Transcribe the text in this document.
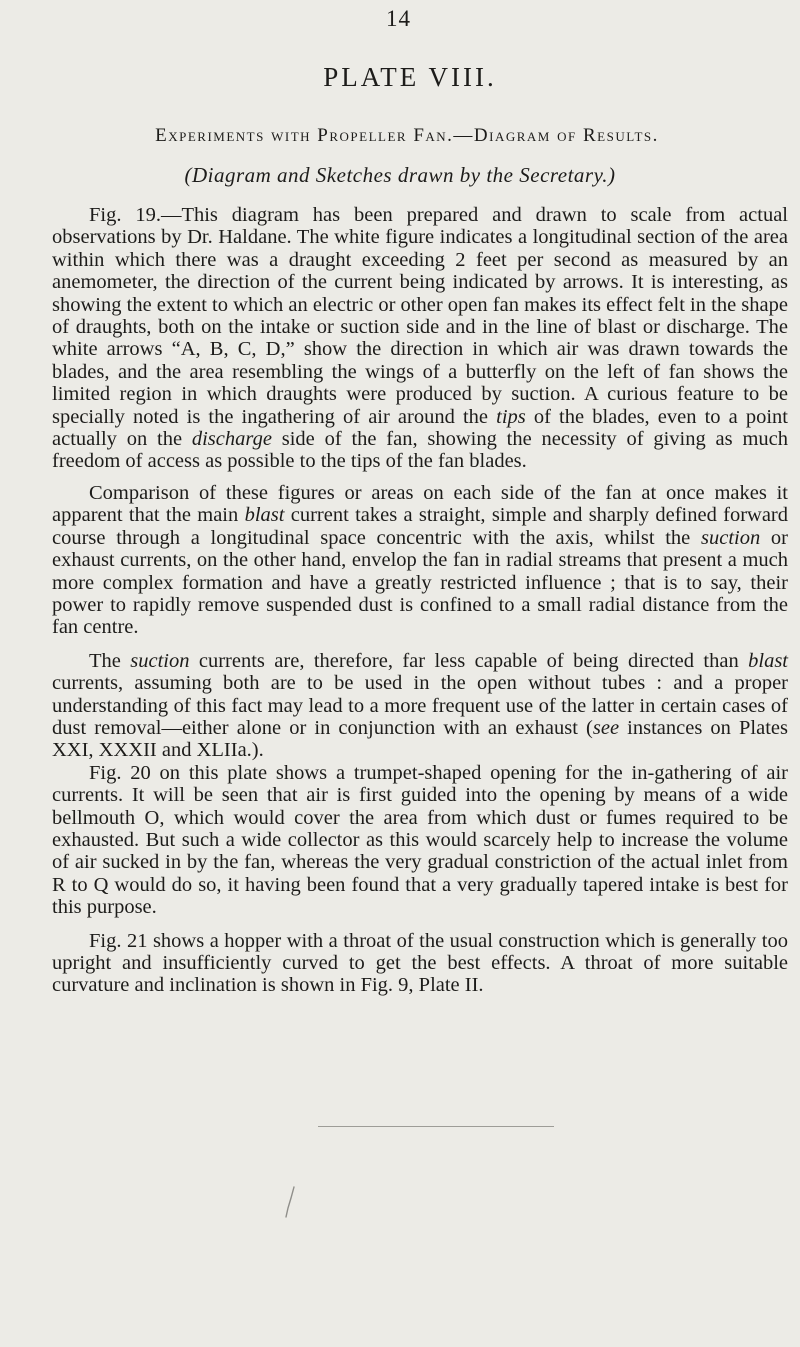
14
PLATE VIII.
Experiments with Propeller Fan.—Diagram of Results.
(Diagram and Sketches drawn by the Secretary.)

Fig. 19.—This diagram has been prepared and drawn to scale from actual observations by Dr. Haldane. The white figure indicates a longitudinal section of the area within which there was a draught exceeding 2 feet per second as measured by an anemometer, the direction of the current being indicated by arrows. It is interesting, as showing the extent to which an electric or other open fan makes its effect felt in the shape of draughts, both on the intake or suction side and in the line of blast or discharge. The white arrows “A, B, C, D,” show the direction in which air was drawn towards the blades, and the area resembling the wings of a butterfly on the left of fan shows the limited region in which draughts were produced by suction. A curious feature to be specially noted is the ingathering of air around the tips of the blades, even to a point actually on the discharge side of the fan, showing the necessity of giving as much freedom of access as possible to the tips of the fan blades.

Comparison of these figures or areas on each side of the fan at once makes it apparent that the main blast current takes a straight, simple and sharply defined forward course through a longitudinal space concentric with the axis, whilst the suction or exhaust currents, on the other hand, envelop the fan in radial streams that present a much more complex formation and have a greatly restricted influence ; that is to say, their power to rapidly remove suspended dust is confined to a small radial distance from the fan centre.

The suction currents are, therefore, far less capable of being directed than blast currents, assuming both are to be used in the open without tubes : and a proper understanding of this fact may lead to a more frequent use of the latter in certain cases of dust removal—either alone or in conjunction with an exhaust (see instances on Plates XXI, XXXII and XLIIa.).

Fig. 20 on this plate shows a trumpet-shaped opening for the in-gathering of air currents. It will be seen that air is first guided into the opening by means of a wide bellmouth O, which would cover the area from which dust or fumes required to be exhausted. But such a wide collector as this would scarcely help to increase the volume of air sucked in by the fan, whereas the very gradual constriction of the actual inlet from R to Q would do so, it having been found that a very gradually tapered intake is best for this purpose.

Fig. 21 shows a hopper with a throat of the usual construction which is generally too upright and insufficiently curved to get the best effects. A throat of more suitable curvature and inclination is shown in Fig. 9, Plate II.
